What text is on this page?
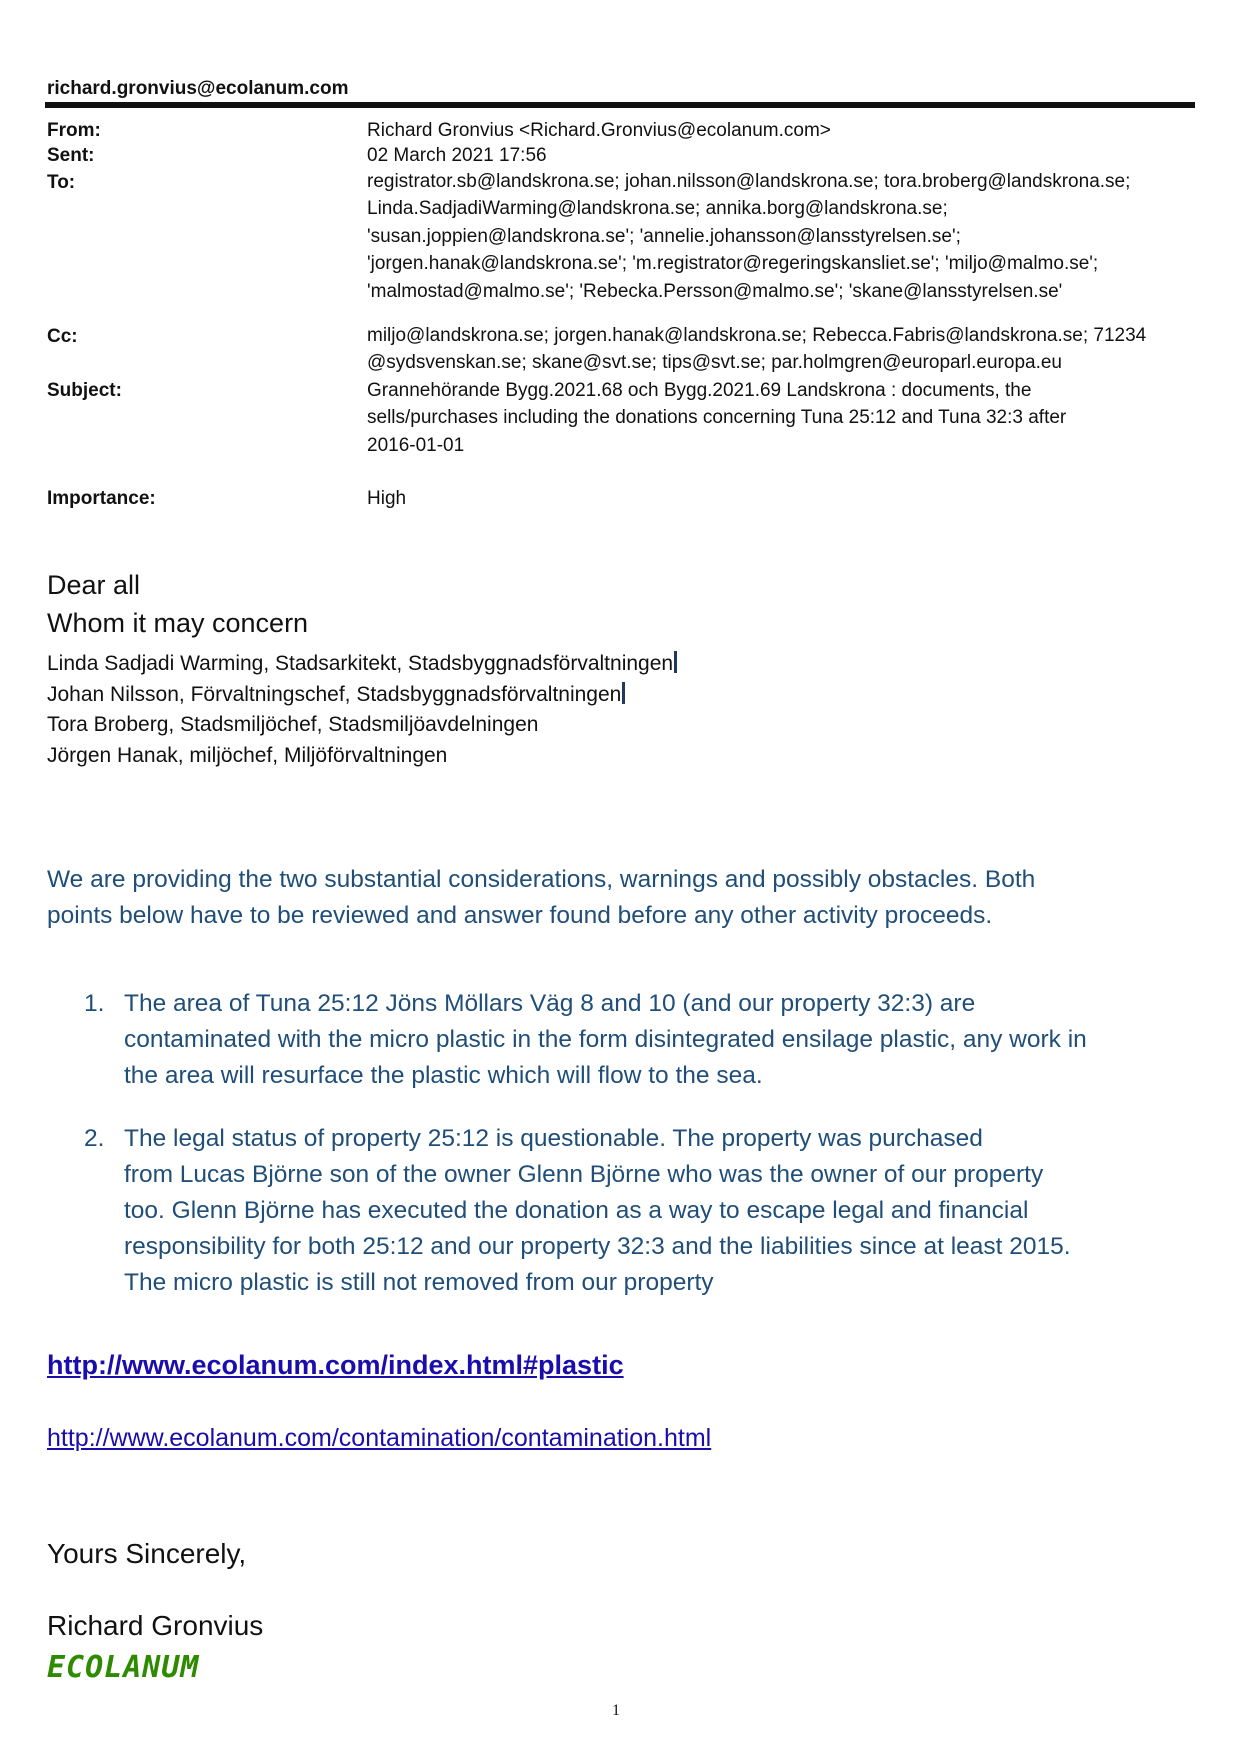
richard.gronvius@ecolanum.com
From:	Richard Gronvius <Richard.Gronvius@ecolanum.com>
Sent:	02 March 2021 17:56
To:	registrator.sb@landskrona.se; johan.nilsson@landskrona.se; tora.broberg@landskrona.se;
Linda.SadjadiWarming@landskrona.se; annika.borg@landskrona.se;
'susan.joppien@landskrona.se'; 'annelie.johansson@lansstyrelsen.se';
'jorgen.hanak@landskrona.se'; 'm.registrator@regeringskansliet.se'; 'miljo@malmo.se';
'malmostad@malmo.se'; 'Rebecka.Persson@malmo.se'; 'skane@lansstyrelsen.se'
Cc:	miljo@landskrona.se; jorgen.hanak@landskrona.se; Rebecca.Fabris@landskrona.se; 71234
@sydsvenskan.se; skane@svt.se; tips@svt.se; par.holmgren@europarl.europa.eu
Subject:	Grannehörande Bygg.2021.68 och Bygg.2021.69 Landskrona : documents, the
sells/purchases including the donations concerning Tuna 25:12 and Tuna 32:3 after
2016-01-01
Importance:	High
Dear all
Whom it may concern
Linda Sadjadi Warming, Stadsarkitekt, Stadsbyggnadsförvaltningen
Johan Nilsson, Förvaltningschef, Stadsbyggnadsförvaltningen
Tora Broberg, Stadsmiljöchef, Stadsmiljöavdelningen
Jörgen Hanak, miljöchef, Miljöförvaltningen
We are providing the two substantial considerations, warnings and possibly obstacles. Both
points below have to be reviewed and answer found before any other activity proceeds.
1. The area of Tuna 25:12 Jöns Möllars Väg 8 and 10 (and our property 32:3) are
contaminated with the micro plastic in the form disintegrated ensilage plastic, any work in
the area will resurface the plastic which will flow to the sea.
2. The legal status of property 25:12 is questionable. The property was purchased
from Lucas Björne son of the owner Glenn Björne who was the owner of our property
too. Glenn Björne has executed the donation as a way to escape legal and financial
responsibility for both 25:12 and our property 32:3 and the liabilities since at least 2015.
The micro plastic is still not removed from our property
http://www.ecolanum.com/index.html#plastic
http://www.ecolanum.com/contamination/contamination.html
Yours Sincerely,
Richard Gronvius
ECOLANUM
1
